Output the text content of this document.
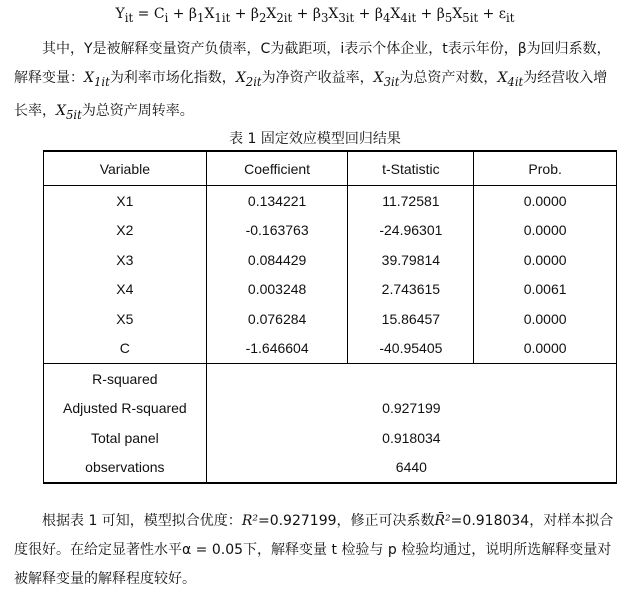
$Y_{it} = C_i + \beta_1X_{1it} + \beta_2X_{2it} + \beta_3X_{3it} + \beta_4X_{4it} + \beta_5X_{5it} + \varepsilon_{it}$
其中，Y是被解释变量资产负债率，C为截距项，i表示个体企业，t表示年份，β为回归系数，解释变量：$X_{1it}$为利率市场化指数，$X_{2it}$为净资产收益率，$X_{3it}$为总资产对数，$X_{4it}$为经营收入增长率，$X_{5it}$为总资产周转率。
表 1 固定效应模型回归结果
Variable	Coefficient	t-Statistic	Prob.
X1	0.134221	11.72581	0.0000
X2	-0.163763	-24.96301	0.0000
X3	0.084429	39.79814	0.0000
X4	0.003248	2.743615	0.0061
X5	0.076284	15.86457	0.0000
C	-1.646604	-40.95405	0.0000
R-squared			
Adjusted R-squared	0.927199		
Total panel	0.918034		
observations	6440		
根据表 1 可知，模型拟合优度：R²=0.927199，修正可决系数R̄²=0.918034，对样本拟合度很好。在给定显著性水平α = 0.05下，解释变量 t 检验与 p 检验均通过，说明所选解释变量对被解释变量的解释程度较好。
